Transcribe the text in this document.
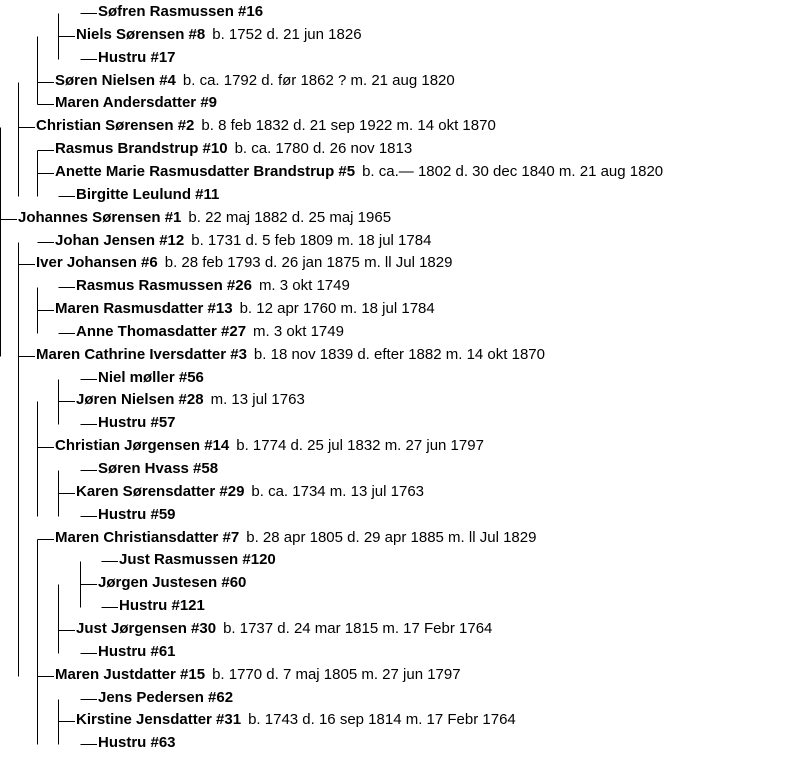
Søfren Rasmussen #16
Niels Sørensen #8 b. 1752 d. 21 jun 1826
Hustru #17
Søren Nielsen #4 b. ca. 1792 d. før 1862 ? m. 21 aug 1820
Maren Andersdatter #9
Christian Sørensen #2 b. 8 feb 1832 d. 21 sep 1922 m. 14 okt 1870
Rasmus Brandstrup #10 b. ca. 1780 d. 26 nov 1813
Anette Marie Rasmusdatter Brandstrup #5 b. ca.— 1802 d. 30 dec 1840 m. 21 aug 1820
Birgitte Leulund #11
Johannes Sørensen #1 b. 22 maj 1882 d. 25 maj 1965
Johan Jensen #12 b. 1731 d. 5 feb 1809 m. 18 jul 1784
Iver Johansen #6 b. 28 feb 1793 d. 26 jan 1875 m. ll Jul 1829
Rasmus Rasmussen #26 m. 3 okt 1749
Maren Rasmusdatter #13 b. 12 apr 1760 m. 18 jul 1784
Anne Thomasdatter #27 m. 3 okt 1749
Maren Cathrine Iversdatter #3 b. 18 nov 1839 d. efter 1882 m. 14 okt 1870
Niel møller #56
Jøren Nielsen #28 m. 13 jul 1763
Hustru #57
Christian Jørgensen #14 b. 1774 d. 25 jul 1832 m. 27 jun 1797
Søren Hvass #58
Karen Sørensdatter #29 b. ca. 1734 m. 13 jul 1763
Hustru #59
Maren Christiansdatter #7 b. 28 apr 1805 d. 29 apr 1885 m. ll Jul 1829
Just Rasmussen #120
Jørgen Justesen #60
Hustru #121
Just Jørgensen #30 b. 1737 d. 24 mar 1815 m. 17 Febr 1764
Hustru #61
Maren Justdatter #15 b. 1770 d. 7 maj 1805 m. 27 jun 1797
Jens Pedersen #62
Kirstine Jensdatter #31 b. 1743 d. 16 sep 1814 m. 17 Febr 1764
Hustru #63
